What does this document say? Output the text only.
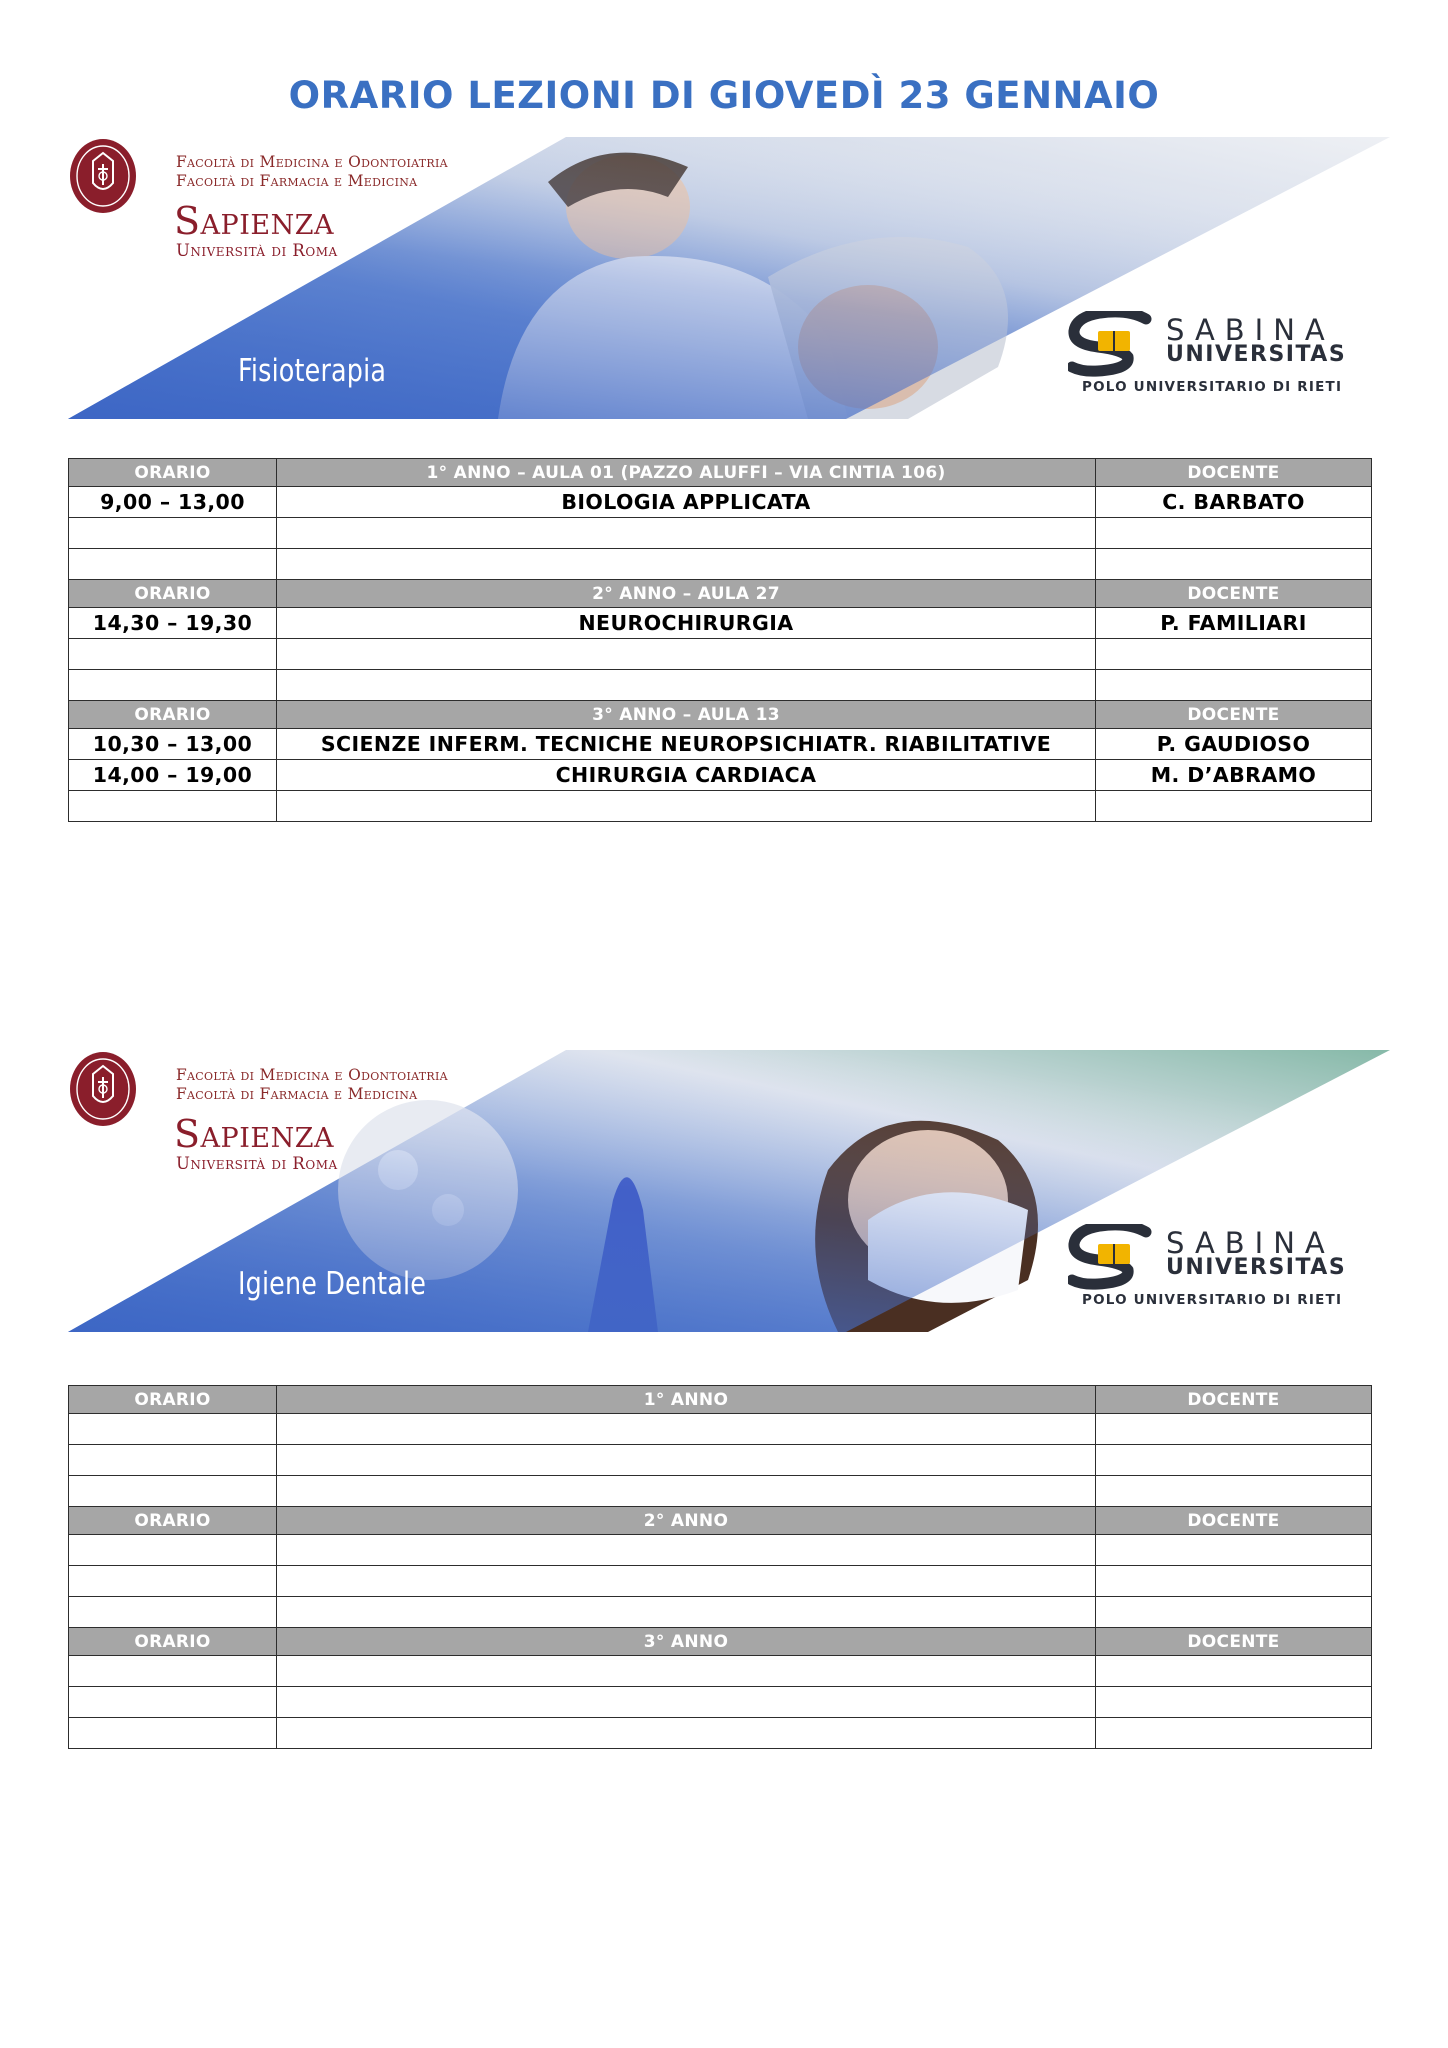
ORARIO LEZIONI DI GIOVEDÌ 23 GENNAIO
Facoltà di Medicina e Odontoiatria
Facoltà di Farmacia e Medicina
Sapienza
Università di Roma
Fisioterapia
SABINA
UNIVERSITAS
POLO UNIVERSITARIO DI RIETI
ORARIO	1° ANNO – AULA 01 (PAZZO ALUFFI – VIA CINTIA 106)	DOCENTE
9,00 – 13,00	BIOLOGIA APPLICATA	C. BARBATO

ORARIO	2° ANNO – AULA 27	DOCENTE
14,30 – 19,30	NEUROCHIRURGIA	P. FAMILIARI

ORARIO	3° ANNO – AULA 13	DOCENTE
10,30 – 13,00	SCIENZE INFERM. TECNICHE NEUROPSICHIATR. RIABILITATIVE	P. GAUDIOSO
14,00 – 19,00	CHIRURGIA CARDIACA	M. D’ABRAMO

Facoltà di Medicina e Odontoiatria
Facoltà di Farmacia e Medicina
Sapienza
Università di Roma
Igiene Dentale
SABINA
UNIVERSITAS
POLO UNIVERSITARIO DI RIETI
ORARIO	1° ANNO	DOCENTE

ORARIO	2° ANNO	DOCENTE

ORARIO	3° ANNO	DOCENTE
